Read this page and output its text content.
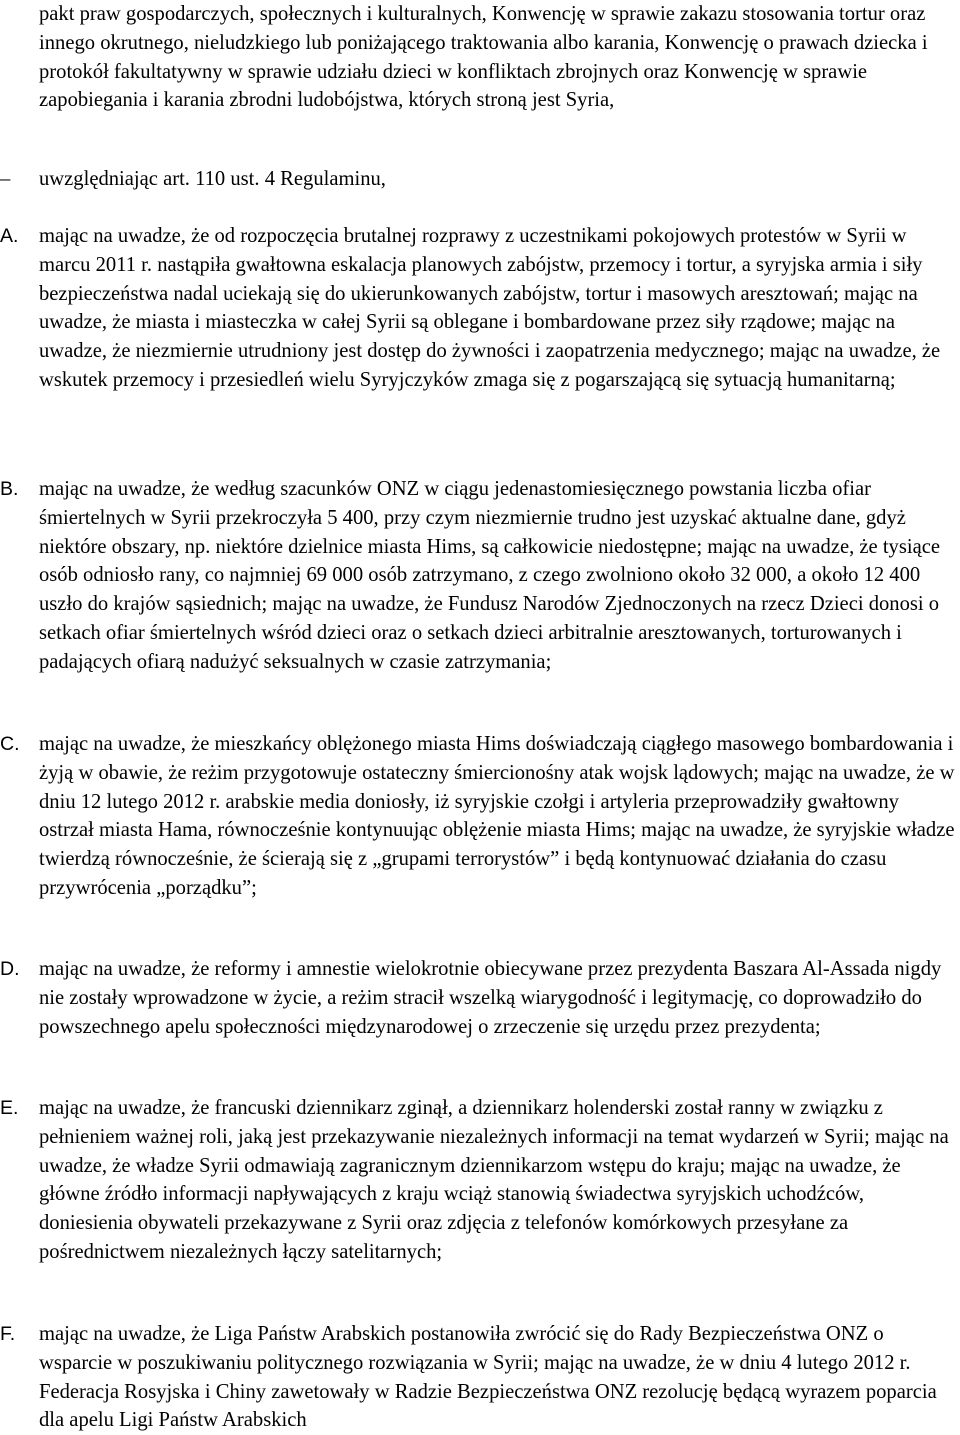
pakt praw gospodarczych, społecznych i kulturalnych, Konwencję w sprawie zakazu stosowania tortur oraz innego okrutnego, nieludzkiego lub poniżającego traktowania albo karania, Konwencję o prawach dziecka i protokół fakultatywny w sprawie udziału dzieci w konfliktach zbrojnych oraz Konwencję w sprawie zapobiegania i karania zbrodni ludobójstwa, których stroną jest Syria,

–	uwzględniając art. 110 ust. 4 Regulaminu,
A. mając na uwadze, że od rozpoczęcia brutalnej rozprawy z uczestnikami pokojowych protestów w Syrii w marcu 2011 r. nastąpiła gwałtowna eskalacja planowych zabójstw, przemocy i tortur, a syryjska armia i siły bezpieczeństwa nadal uciekają się do ukierunkowanych zabójstw, tortur i masowych aresztowań; mając na uwadze, że miasta i miasteczka w całej Syrii są oblegane i bombardowane przez siły rządowe; mając na uwadze, że niezmiernie utrudniony jest dostęp do żywności i zaopatrzenia medycznego; mając na uwadze, że wskutek przemocy i przesiedleń wielu Syryjczyków zmaga się z pogarszającą się sytuacją humanitarną;

B. mając na uwadze, że według szacunków ONZ w ciągu jedenastomiesięcznego powstania liczba ofiar śmiertelnych w Syrii przekroczyła 5 400, przy czym niezmiernie trudno jest uzyskać aktualne dane, gdyż niektóre obszary, np. niektóre dzielnice miasta Hims, są całkowicie niedostępne; mając na uwadze, że tysiące osób odniosło rany, co najmniej 69 000 osób zatrzymano, z czego zwolniono około 32 000, a około 12 400 uszło do krajów sąsiednich; mając na uwadze, że Fundusz Narodów Zjednoczonych na rzecz Dzieci donosi o setkach ofiar śmiertelnych wśród dzieci oraz o setkach dzieci arbitralnie aresztowanych, torturowanych i padających ofiarą nadużyć seksualnych w czasie zatrzymania;

C. mając na uwadze, że mieszkańcy oblężonego miasta Hims doświadczają ciągłego masowego bombardowania i żyją w obawie, że reżim przygotowuje ostateczny śmiercionośny atak wojsk lądowych; mając na uwadze, że w dniu 12 lutego 2012 r. arabskie media doniosły, iż syryjskie czołgi i artyleria przeprowadziły gwałtowny ostrzał miasta Hama, równocześnie kontynuując oblężenie miasta Hims; mając na uwadze, że syryjskie władze twierdzą równocześnie, że ścierają się z „grupami terrorystów” i będą kontynuować działania do czasu przywrócenia „porządku”;

D. mając na uwadze, że reformy i amnestie wielokrotnie obiecywane przez prezydenta Baszara Al-Assada nigdy nie zostały wprowadzone w życie, a reżim stracił wszelką wiarygodność i legitymację, co doprowadziło do powszechnego apelu społeczności międzynarodowej o zrzeczenie się urzędu przez prezydenta;

E. mając na uwadze, że francuski dziennikarz zginął, a dziennikarz holenderski został ranny w związku z pełnieniem ważnej roli, jaką jest przekazywanie niezależnych informacji na temat wydarzeń w Syrii; mając na uwadze, że władze Syrii odmawiają zagranicznym dziennikarzom wstępu do kraju; mając na uwadze, że główne źródło informacji napływających z kraju wciąż stanowią świadectwa syryjskich uchodźców, doniesienia obywateli przekazywane z Syrii oraz zdjęcia z telefonów komórkowych przesyłane za pośrednictwem niezależnych łączy satelitarnych;

F.	mając na uwadze, że Liga Państw Arabskich postanowiła zwrócić się do Rady Bezpieczeństwa ONZ o wsparcie w poszukiwaniu politycznego rozwiązania w Syrii; mając na uwadze, że w dniu 4 lutego 2012 r. Federacja Rosyjska i Chiny zawetowały w Radzie Bezpieczeństwa ONZ rezolucję będącą wyrazem poparcia dla apelu Ligi Państw Arabskich
